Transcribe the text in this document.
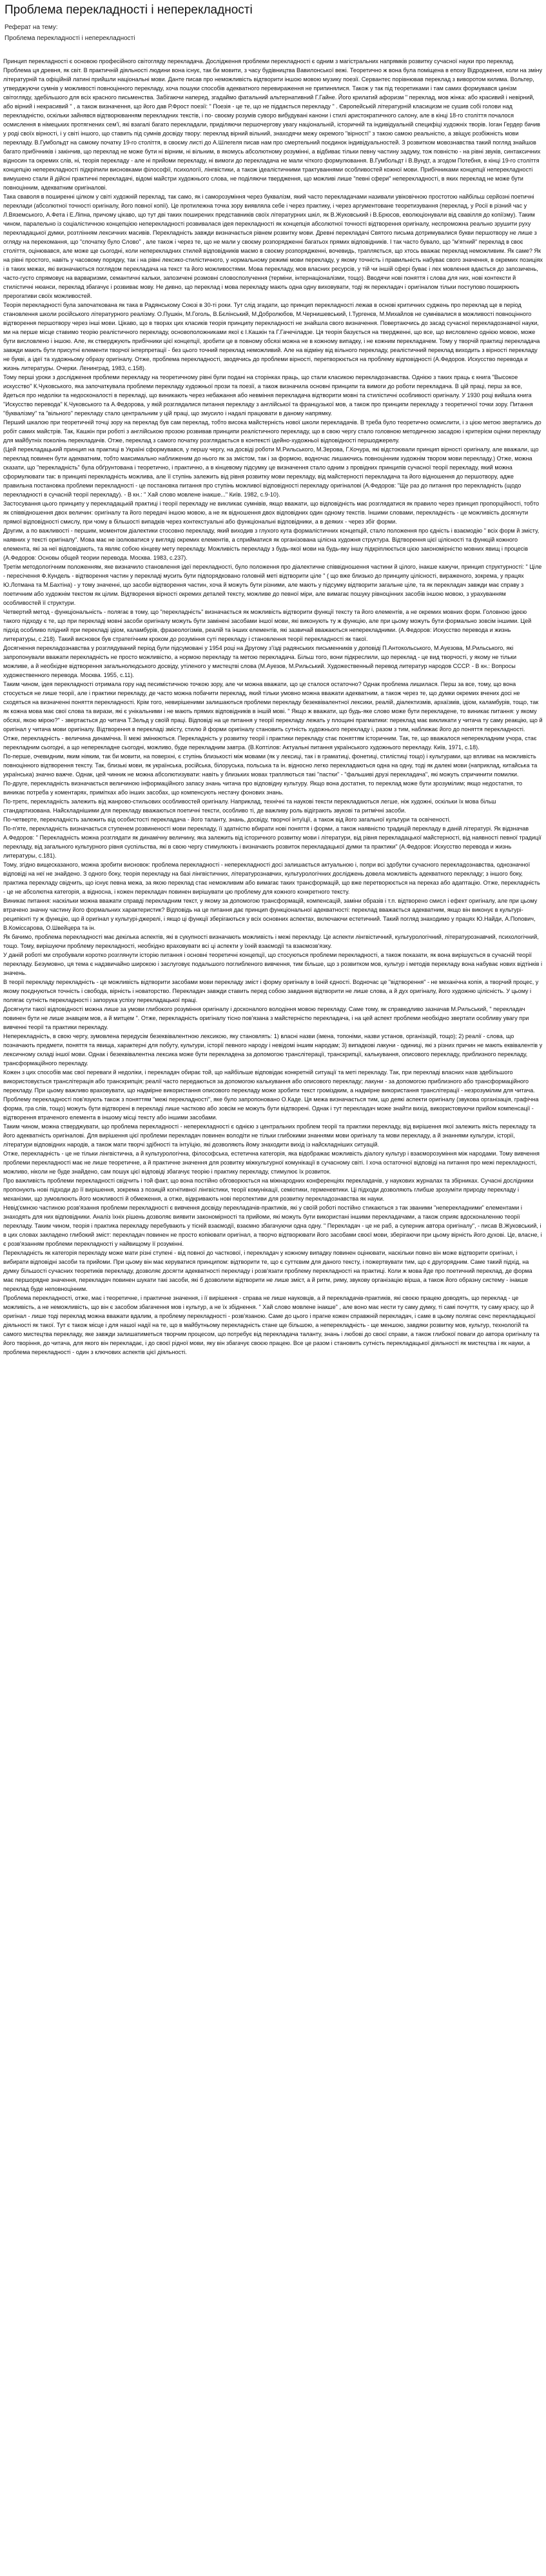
Проблема перекладності і неперекладності
Реферат на тему:
Проблема перекладності і неперекладності

Принцип перекладності є основою професійного світогляду перекладача. Дослідження проблеми перекладності є одним з магістральних напрямків розвитку сучасної науки про переклад. Проблема ця древня, як світ. В практичній діяльності людини вона існує, так би мовити, з часу будівництва Вавилонської вежі. Теоретично ж вона була поміщена в епоху Відродження, коли на зміну літературній та офіційній латині прийшли національні мови. Данте писав про неможливість відтворити іншою мовою музику поезії. Сервантес порівнював переклад з виворотом килима. Вольтер, утверджуючи сумнів у можливості повноцінного перекладу, хоча пошуки способів адекватного перевираження не припинялися. Також у так під теоретиками і там самих формувався цинізм світогляду, здебільшого для всіх красного письменства. Забігаючи наперед, згадаймо фатальний альтернативний Г.Гайне. Його крилатий афоризм " переклад, мов жінка: або красивий і невірний, або вірний і некрасивий " , а також визначення, що його дав Р.Фрост поезії: " Поезія - це те, що не піддається перекладу " . Європейській літературній класицизм не сушив собі голови над перекладністю, оскільки зайнявся відтворюванням перекладних текстів, і по- своєму розумів суворо вибудувані канони і стилі аристократичного салону, але в кінці 18-го століття почалося осмислення в німецьких протягнених сем'ї, які взагалі багато перекладали, приділяючи першочергову увагу національній, історичній та індивідуальній специфіці художніх творів. Іоган Гердер бачив у роді своїх вірності, і у світі іншого, що ставить під сумнів досвіду твору: переклад вірний вільний, знаходячи межу окремого "вірності" з такою самою реальністю, а звіщує розбіжність мови перекладу. В.Гумбольдт на самому початку 19-го століття, в своєму листі до А.Шлегеля писав нам про смертельний поєдинок індивідуальностей. З розвитком мовознавства такий погляд знайшов багато прибічників і закінчив, що переклад не може бути ні вірним, ні вільним, в якомусь абсолютному розумінні, а відбиває тільки певну частину задуму, тож повністю - на рівні звуків, синтаксичних відносин та окремих слів, ні, теорія перекладу - але ні прийоми перекладу, ні вимоги до перекладача не мали чіткого формулювання. В.Гумбольдт і В.Вундт, а згодом Потебня, в кінці 19-го століття концепцію неперекладності підкріпили висновками філософії, психології, лінгвістики, а також ідеалістичними трактуваннями особливостей кожної мови. Прибічниками концепції неперекладності вимушено стали й дійсні практичні перекладачі, відомі майстри художнього слова, не поділяючи твердження, що можливі лише "певні сфери" неперекладності, в яких переклад не може бути повноцінним, адекватним оригіналові.

Така сваволя в поширенні цілком у світі художній переклад, так само, як і саморозуміння через буквалізм, який часто перекладачами називали увіковічною простотою найбільш серйозні поетичні переклади (абсолютної точності оригіналу, його повної копії). Це протилежна точка зору виявляла себе і через практику, і через аргументоване теоретизування (переклад, у Росії в різний час у Л.Вяземського, А.Фета і Е.Ліпна, причому цікаво, що тут дві таких поширених представників своїх літературних шкіл, як В.Жуковський і В.Брюсов, еволюціонували від свавілля до копіїзму). Таким чином, паралельно із соціалістичною концепцією неперекладності розвивалася ідея перекладності як концепція абсолютної точності відтворення оригіналу, неспроможна реально зрушити руху перекладацької думки, розтлінням лексичних масивів. Перекладність завжди визначається рівнем розвитку мови. Древні перекладачі Святого письма дотримувалися букви першотвору не лише з огляду на перекомання, що "спочатку було Слово" , але також і через те, що не мали у своєму розпорядженні багатьох прямих відповідників. І так часто бувало, що "м'ятний" переклад в своє століття, оцінювався, але може ще сьогодні, коли неперекладних стилей відповідників маємо в своєму розпорядженні, вочевидь, трапляється, що хтось вважає переклад неможливим. Як саме? Як на рівні простого, навіть у часовому порядку, так і на рівні лексико-стилістичного, у нормальному режимі мови перекладу, у якому точність і правильність набуває свого значення, в окремих позиціях і в таких межах, які визначаються поглядом перекладача на текст та його можливостями. Мова перекладу, мов власних ресурсів, у тій чи іншій сфері буває і лех мовлення вдається до запозичень, часто-густо спрямовує на варваризми, семантичні кальки, запозичені розмовні словосполучення (терміни, інтернаціоналізми, тощо). Вводячи нові поняття і слова для них, нові контексти й стилістичні нюанси, переклад збагачує і розвиває мову. Не дивно, що переклад і мова перекладу мають одна одну виховувати, тоді як перекладач і оригіналом тільки поступово поширюють прерогативи своїх можливостей.

Теорія перекладності була започаткована як така в Радянському Союзі в 30-ті роки. Тут слід згадати, що принцип перекладності лежав в основі критичних суджень про переклад ще в період становлення школи російського літературного реалізму. О.Пушкін, М.Гоголь, В.Бєлінський, М.Добролюбов, М.Чернишевський, І.Тургенєв, М.Михайлов не сумнівалися в можливості повноцінного відтворення першотвору через інші мови. Цікаво, що в творах цих класиків теорія принципу перекладності не знайшла свого визначення. Повертаючись до засад сучасної перекладознавчої науки, ми на перше місце ставимо теорію реалістичного перекладу, основоположниками якої є І.Кашкін та Г.Гачечіладзе. Ця теорія базується на твердженні, що все, що висловлено однією мовою, може бути висловлено і іншою. Але, як стверджують прибічники цієї концепції, зробити це в повному обсязі можна не в кожному випадку, і не кожним перекладачем. Тому у творчій практиці перекладача завжди мають бути присутні елементи творчої інтерпретації - без цього точний переклад неможливий. Але на відміну від вільного перекладу, реалістичний переклад виходить з вірності перекладу не букві, а ідеї та художньому образу оригіналу. Отже, проблема перекладності, зводячись до проблеми вірності, перетворюється на проблему відповідності (А.Федоров. Искусство перевода и жизнь литературы. Очерки. Ленинград, 1983, с.158).

Тому перші уроки з дослідження проблеми перекладу на теоретичному рівні були подані на сторінках праць, що стали класикою перекладознавства. Однією з таких праць є книга "Высокое искусство" К.Чуковського, яка започаткувала проблеми перекладу художньої прози та поезії, а також визначила основні принципи та вимоги до роботи перекладача. В цій праці, перш за все, йдеться про недоліки та недосконалості в перекладі, що виникають через небажання або невміння перекладача відтворити мовні та стилістичні особливості оригіналу. У 1930 році вийшла книга "Искусство перевода" К.Чуковського та А.Федорова, у якій розглядалися питання перекладу з англійської та французької мов, а також про принципи перекладу з теоретичної точки зору. Питання "буквалізму" та "вільного" перекладу стало центральним у цій праці, що змусило і надалі працювати в даному напрямку.

Перший шкалою при теоретичній точці зору на переклад був сам переклад, тобто висока майстерність нової школи перекладачів. В треба було теоретично осмислити, і з цією метою звертались до робіт самих майстрів. Так, Кашкін при роботі з англійською прозою розвивав принципи реалістичного перекладу, що в свою чергу стало головною методичною засадою і критерієм оцінки перекладу для майбутніх поколінь перекладачів. Отже, переклад з самого початку розглядається в контексті ідейно-художньої відповідності першоджерелу.

(Цей перекладацький принцип на практиці в Україні сформувався, у першу чергу, на досвіді роботи М.Рильського, М.Зерова, Г.Кочура, які відстоювали принцип вірності оригіналу, але вважали, що переклад повинен бути адекватним, тобто максимально наближеним до нього як за змістом, так і за формою, водночас лишаючись повноцінним художнім твором мови перекладу.) Отже, можна сказати, що "перекладність" була обґрунтована і теоретично, і практично, а в кінцевому підсумку це визначення стало одним з провідних принципів сучасної теорії перекладу, який можна сформулювати так: в принципі перекладність можлива, але її ступінь залежить від рівня розвитку мови перекладу, від майстерності перекладача та його відношення до першотвору, адже правильна постановка проблеми перекладності - це постановка питання про ступінь можливої відповідності перекладу оригіналові (А.Федоров: "Ще раз до питання про перекладність (щодо перекладності в сучасній теорії перекладу). - В кн.: " Хай слово мовлене інакше..." Київ. 1982, с.9-10).

Застосування цього принципу у перекладацькій практиці і теорії перекладу не викликає сумнівів, якщо вважати, що відповідність має розглядатися як правило через принцип пропорційності, тобто як співвідношення двох величин: оригіналу та його передачі іншою мовою, а не як відношення двох відповідних один одному текстів. Іншими словами, перекладність - це можливість досягнути прямої відповідності смислу, при чому в більшості випадків через контекстуальні або функціональні відповідники, а в деяких - через збіг форми.

Другим, а по важливості - першим, моментом діалектики стосовно перекладу, який виходив з глухого кута формалістичних концепцій, стало положення про єдність і взаємодію " всіх форм й змісту, наявних у тексті оригіналу". Мова має не ізолюватися у вигляді окремих елементів, а сприйматися як організована цілісна художня структура. Відтворення цієї цілісності та функцій кожного елемента, які за неї відповідають, та являє собою кінцеву мету перекладу. Можливість перекладу з будь-якої мови на будь-яку іншу підкріплюється цією закономірністю мовних явищ і процесів (А.Федоров: Основы общей теории перевода. Москва. 1983, с.237).

Третім методологічним положенням, яке визначило становлення ідеї перекладності, було положення про діалектичне співвідношення частини й цілого, інакше кажучи, принцип структурності: " Ціле - пересічення Ф.Кундель - відтворення частин у перекладі мусить бути підпорядковано головній меті відтворити ціле " ( що вже близько до принципу цілісності, вираженого, зокрема, у працях Ю.Лотмана та М.Бахтіна) - у тому значенні, що засоби відтворення частин, хоча й можуть бути різними, але мають у підсумку відтворити загальне ціле, та як перекладач завжди має справу з поетичним або художнім текстом як цілим. Відтворення вірності окремих деталей тексту, можливе до певної міри, але вимагає пошуку рівноцінних засобів іншою мовою, з урахуванням особливостей її структури.

Четвертий метод - функціональність - полягає в тому, що "перекладність" визначається як можливість відтворити функції тексту та його елементів, а не окремих мовних форм. Головною ідеєю такого підходу є те, що при перекладі мовні засоби оригіналу можуть бути замінені засобами іншої мови, які виконують ту ж функцію, але при цьому можуть бути формально зовсім іншими. Цей підхід особливо плідний при перекладі ідіом, каламбурів, фразеологізмів, реалій та інших елементів, які зазвичай вважаються неперекладними. (А.Федоров: Искусство перевода и жизнь литературы, с.218). Такий висновок був стратегічним кроком до розуміння суті перекладу і становлення теорії перекладності як такої.

Досягнення перекладознавства у розглядуваний період були підсумовані у 1954 році на Другому з'їзді радянських письменників у доповіді П.Антокольського, М.Ауезова, М.Рильського, які запропонували вважати перекладність не просто можливістю, а нормою перекладу та метою перекладача. Більш того, вони підкреслили, що переклад - це вид творчості, у якому не тільки можливе, а й необхідне відтворення загальнолюдського досвіду, утіленого у мистецтві слова (М.Ауезов, М.Рильський. Художественный перевод литератур народов СССР. - В кн.: Вопросы художественного перевода. Москва. 1955, с.11).

Таким чином, ідея перекладності отримала гору над песимістичною точкою зору, але чи можна вважати, що це сталося остаточно? Однак проблема лишилася. Перш за все, тому, що вона стосується не лише теорії, але і практики перекладу, де часто можна побачити переклад, який тільки умовно можна вважати адекватним, а також через те, що думки окремих вчених досі не сходяться на визначенні поняття перекладності. Крім того, невирішеними залишаються проблеми перекладу безеквівалентної лексики, реалій, діалектизмів, архаїзмів, ідіом, каламбурів, тощо, так як кожна мова має свої слова та вирази, які є унікальними і не мають прямих відповідників в іншій мові. " Якщо ж вважати, що будь-яке слово може бути перекладене, то виникає питання: у якому обсязі, якою мірою?" - звертається до читача Т.Зельд у своїй праці. Відповіді на це питання у теорії перекладу лежать у площині прагматики: переклад має викликати у читача ту саму реакцію, що й оригінал у читача мови оригіналу. Відтворення в перекладі змісту, стилю й форми оригіналу становить сутність художнього перекладу і, разом з тим, наближає його до поняття перекладності.

Отже, перекладність - величина динамічна. Її межі змінюються. Перекладність у розвитку теорії і практики перекладу стає поняттям історичним. Так, те, що вважалося неперекладним учора, стає перекладним сьогодні, а що неперекладне сьогодні, можливо, буде перекладним завтра. (В.Коптілов: Актуальні питання українського художнього перекладу. Київ, 1971, с.18).

По-перше, очевидним, яким ніяким, так би мовити, на поверхні, є ступінь близькості між мовами (як у лексиці, так і в граматиці, фонетиці, стилістиці тощо) і культурами, що впливає на можливість повноцінного відтворення тексту. Так, близькі мови, як українська, російська, білоруська, польська та ін. відносно легко перекладаються одна на одну, тоді як далекі мови (наприклад, китайська та українська) значно важче. Однак, цей чинник не можна абсолютизувати: навіть у близьких мовах трапляються такі "пастки" - "фальшиві друзі перекладача", які можуть спричинити помилки.

По-друге, перекладність визначається величиною інформаційного запасу знань читача про відповідну культуру. Якщо вона достатня, то переклад може бути зрозумілим; якщо недостатня, то виникає потреба у коментарях, примітках або інших засобах, що компенсують нестачу фонових знань.

По-третє, перекладність залежить від жанрово-стильових особливостей оригіналу. Наприклад, технічні та наукові тексти перекладаються легше, ніж художні, оскільки їх мова більш стандартизована. Найскладнішими для перекладу вважаються поетичні тексти, особливо ті, де важливу роль відіграють звукові та ритмічні засоби.

По-четверте, перекладність залежить від особистості перекладача - його таланту, знань, досвіду, творчої інтуїції, а також від його загальної культури та освіченості.

По-п'яте, перекладність визначається ступенем розвиненості мови перекладу, її здатністю вбирати нові поняття і форми, а також наявністю традицій перекладу в даній літературі. Як відзначав А.Федоров: " Перекладність можна розглядати як динамічну величину, яка залежить від історичного розвитку мови і літератури, від рівня перекладацької майстерності, від наявності певної традиції перекладу, від загального культурного рівня суспільства, які в свою чергу стимулюють і визначають розвиток перекладацької думки та практики" (А.Федоров: Искусство перевода и жизнь литературы, с.181).

Тому, згідно вищесказаного, можна зробити висновок: проблема перекладності - неперекладності досі залишається актуальною і, попри всі здобутки сучасного перекладознавства, однозначної відповіді на неї не знайдено. З одного боку, теорія перекладу на базі лінгвістичних, літературознавчих, культурологічних досліджень довела можливість адекватного перекладу; з іншого боку, практика перекладу свідчить, що існує певна межа, за якою переклад стає неможливим або вимагає таких трансформацій, що вже перетворюється на переказ або адаптацію. Отже, перекладність - це не абсолютна категорія, а відносна, і кожен перекладач повинен вирішувати цю проблему для кожного конкретного тексту.

Виникає питання: наскільки можна вважати справді перекладним текст, у якому за допомогою трансформацій, компенсацій, заміни образів і т.п. відтворено смисл і ефект оригіналу, але при цьому втрачено значну частину його формальних характеристик? Відповідь на це питання дає принцип функціональної адекватності: переклад вважається адекватним, якщо він виконує в культурі-реципієнті ту ж функцію, що й оригінал у культурі-джерелі, і якщо ці функції зберігаються у всіх основних аспектах, включаючи естетичний. Такий погляд знаходимо у працях Ю.Найди, А.Попович, В.Коміссарова, О.Швейцера та ін.

Як бачимо, проблема перекладності має декілька аспектів, які в сукупності визначають можливість і межі перекладу. Це аспекти лінгвістичний, культурологічний, літературознавчий, психологічний, тощо. Тому, вирішуючи проблему перекладності, необхідно враховувати всі ці аспекти у їхній взаємодії та взаємозв'язку.

У даній роботі ми спробували коротко розглянути історію питання і основні теоретичні концепції, що стосуються проблеми перекладності, а також показати, як вона вирішується в сучасній теорії перекладу. Безумовно, ця тема є надзвичайно широкою і заслуговує подальшого поглибленого вивчення, тим більше, що з розвитком мов, культур і методів перекладу вона набуває нових відтінків і значень.

В теорії перекладу перекладність - це можливість відтворити засобами мови перекладу зміст і форму оригіналу в їхній єдності. Водночас це "відтворення" - не механічна копія, а творчий процес, у якому поєднуються точність і свобода, вірність і новаторство. Перекладач завжди ставить перед собою завдання відтворити не лише слова, а й дух оригіналу, його художню цілісність. У цьому і полягає сутність перекладності і запорука успіху перекладацької праці.

Досягнути такої відповідності можна лише за умови глибокого розуміння оригіналу і досконалого володіння мовою перекладу. Саме тому, як справедливо зазначав М.Рильський, " перекладач повинен бути не лише знавцем мов, а й митцем ". Отже, перекладність оригіналу тісно пов'язана з майстерністю перекладача, і на цей аспект проблеми необхідно звертати особливу увагу при вивченні теорії та практики перекладу.

Неперекладність, в свою чергу, зумовлена передусім безеквівалентною лексикою, яку становлять: 1) власні назви (імена, топоніми, назви установ, організацій, тощо); 2) реалії - слова, що позначають предмети, поняття та явища, характерні для побуту, культури, історії певного народу і невідомі іншим народам; 3) випадкові лакуни - одиниці, які з різних причин не мають еквівалентів у лексичному складі іншої мови. Однак і безеквівалентна лексика може бути перекладена за допомогою транслітерації, транскрипції, калькування, описового перекладу, приблизного перекладу, трансформаційного перекладу.

Кожен з цих способів має свої переваги й недоліки, і перекладач обирає той, що найбільше відповідає конкретній ситуації та меті перекладу. Так, при перекладі власних назв здебільшого використовується транслітерація або транскрипція; реалії часто передаються за допомогою калькування або описового перекладу; лакуни - за допомогою приблизного або трансформаційного перекладу. При цьому важливо враховувати, що надмірне використання описового перекладу може зробити текст громіздким, а надмірне використання транслітерації - незрозумілим для читача.

Проблему перекладності пов'язують також з поняттям "межі перекладності", яке було запропоновано О.Каде. Ця межа визначається тим, що деякі аспекти оригіналу (звукова організація, графічна форма, гра слів, тощо) можуть бути відтворені в перекладі лише частково або зовсім не можуть бути відтворені. Однак і тут перекладач може знайти вихід, використовуючи прийом компенсації - відтворення втраченого елемента в іншому місці тексту або іншими засобами.

Таким чином, можна стверджувати, що проблема перекладності - неперекладності є однією з центральних проблем теорії та практики перекладу, від вирішення якої залежить якість перекладу та його адекватність оригіналові. Для вирішення цієї проблеми перекладач повинен володіти не тільки глибокими знаннями мови оригіналу та мови перекладу, а й знаннями культури, історії, літератури відповідних народів, а також мати творчі здібності та інтуїцію, які дозволяють йому знаходити вихід із найскладніших ситуацій.

Отже, перекладність - це не тільки лінгвістична, а й культурологічна, філософська, естетична категорія, яка відображає можливість діалогу культур і взаєморозуміння між народами. Тому вивчення проблеми перекладності має не лише теоретичне, а й практичне значення для розвитку міжкультурної комунікації в сучасному світі. І хоча остаточної відповіді на питання про межі перекладності, можливо, ніколи не буде знайдено, сам пошук цієї відповіді збагачує теорію і практику перекладу, стимулює їх розвиток.

Про важливість проблеми перекладності свідчить і той факт, що вона постійно обговорюється на міжнародних конференціях перекладачів, у наукових журналах та збірниках. Сучасні дослідники пропонують нові підходи до її вирішення, зокрема з позицій когнітивної лінгвістики, теорії комунікації, семіотики, герменевтики. Ці підходи дозволяють глибше зрозуміти природу перекладу і механізми, що зумовлюють його можливості й обмеження, а отже, відкривають нові перспективи для розвитку перекладознавства як науки.

Невід'ємною частиною розв'язання проблеми перекладності є вивчення досвіду перекладачів-практиків, які у своїй роботі постійно стикаються з так званими "неперекладними" елементами і знаходять для них відповідники. Аналіз їхніх рішень дозволяє виявити закономірності та прийоми, які можуть бути використані іншими перекладачами, а також сприяє вдосконаленню теорії перекладу. Таким чином, теорія і практика перекладу перебувають у тісній взаємодії, взаємно збагачуючи одна одну. " Перекладач - це не раб, а суперник автора оригіналу", - писав В.Жуковський, і в цих словах закладено глибокий зміст: перекладач повинен не просто копіювати оригінал, а творчо відтворювати його засобами своєї мови, зберігаючи при цьому вірність його духові. Це, власне, і є розв'язанням проблеми перекладності у найвищому її розумінні.

Перекладність як категорія перекладу може мати різні ступені - від повної до часткової, і перекладач у кожному випадку повинен оцінювати, наскільки повно він може відтворити оригінал, і вибирати відповідні засоби та прийоми. При цьому він має керуватися принципом: відтворити те, що є суттєвим для даного тексту, і пожертвувати тим, що є другорядним. Саме такий підхід, на думку більшості сучасних теоретиків перекладу, дозволяє досягти адекватності перекладу і розв'язати проблему перекладності на практиці. Коли ж мова йде про поетичний переклад, де форма має першорядне значення, перекладач повинен шукати такі засоби, які б дозволили відтворити не лише зміст, а й ритм, риму, звукову організацію вірша, а також його образну систему - інакше переклад буде неповноцінним.

Проблема перекладності, отже, має і теоретичне, і практичне значення, і її вирішення - справа не лише науковців, а й перекладачів-практиків, які своєю працею доводять, що переклад - це можливість, а не неможливість, що він є засобом збагачення мов і культур, а не їх збіднення. " Хай слово мовлене інакше" , але воно має нести ту саму думку, ті самі почуття, ту саму красу, що й оригінал - лише тоді переклад можна вважати вдалим, а проблему перекладності - розв'язаною. Саме до цього і прагне кожен справжній перекладач, і саме в цьому полягає сенс перекладацької діяльності як такої. Тут є також місце і для нашої надії на те, що в майбутньому перекладність стане ще більшою, а неперекладність - ще меншою, завдяки розвитку мов, культур, технологій та самого мистецтва перекладу, яке завжди залишатиметься творчим процесом, що потребує від перекладача таланту, знань і любові до своєї справи, а також глибокої поваги до автора оригіналу та його творіння, до читача, для якого він перекладає, і до своєї рідної мови, яку він збагачує своєю працею. Все це разом і становить сутність перекладацької діяльності як мистецтва і як науки, а проблема перекладності - один з ключових аспектів цієї діяльності.
